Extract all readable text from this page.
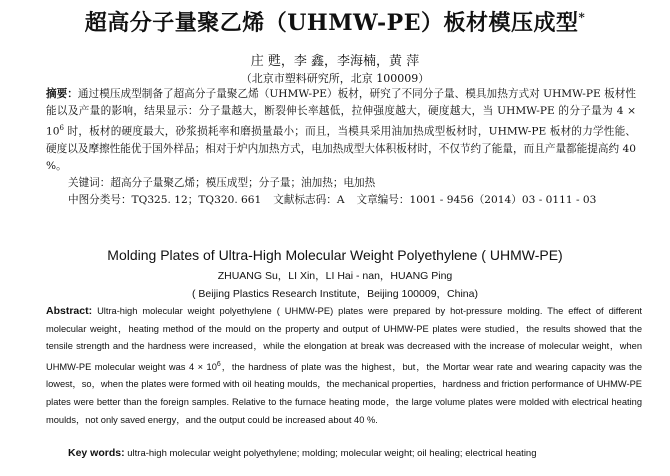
超高分子量聚乙烯（UHMW-PE）板材模压成型*
庄 甦，李 鑫，李海楠，黄 萍
（北京市塑料研究所，北京 100009）

摘要：通过模压成型制备了超高分子量聚乙烯（UHMW-PE）板材，研究了不同分子量、模具加热方式对 UHMW-PE 板材性能以及产量的影响，结果显示：分子量越大，断裂伸长率越低，拉伸强度越大，硬度越大，当 UHMW-PE 的分子量为 $4 \times 10^6$ 时，板材的硬度最大，砂浆损耗率和磨损量最小；而且，当模具采用油加热成型板材时，UHMW-PE 板材的力学性能、硬度以及摩擦性能优于国外样品；相对于炉内加热方式，电加热成型大体积板材时，不仅节约了能量，而且产量都能提高约 40 %。

关键词：超高分子量聚乙烯；模压成型；分子量；油加热；电加热
中图分类号：TQ325. 12；TQ320. 661 文献标志码：A 文章编号：1001 - 9456（2014）03 - 0111 - 03
Molding Plates of Ultra-High Molecular Weight Polyethylene ( UHMW-PE)
ZHUANG Su，LI Xin，LI Hai - nan，HUANG Ping
( Beijing Plastics Research Institute，Beijing 100009，China)

Abstract: Ultra-high molecular weight polyethylene ( UHMW-PE) plates were prepared by hot-pressure molding. The effect of different molecular weight，heating method of the mould on the property and output of UHMW-PE plates were studied，the results showed that the tensile strength and the hardness were increased，while the elongation at break was decreased with the increase of molecular weight，when UHMW-PE molecular weight was $4 \times 10^6$，the hardness of plate was the highest，but，the Mortar wear rate and wearing capacity was the lowest，so，when the plates were formed with oil heating moulds，the mechanical properties，hardness and friction performance of UHMW-PE plates were better than the foreign samples. Relative to the furnace heating mode，the large volume plates were molded with electrical heating moulds，not only saved energy，and the output could be increased about 40 %.

Key words: ultra-high molecular weight polyethylene; molding; molecular weight; oil healing; electrical heating
